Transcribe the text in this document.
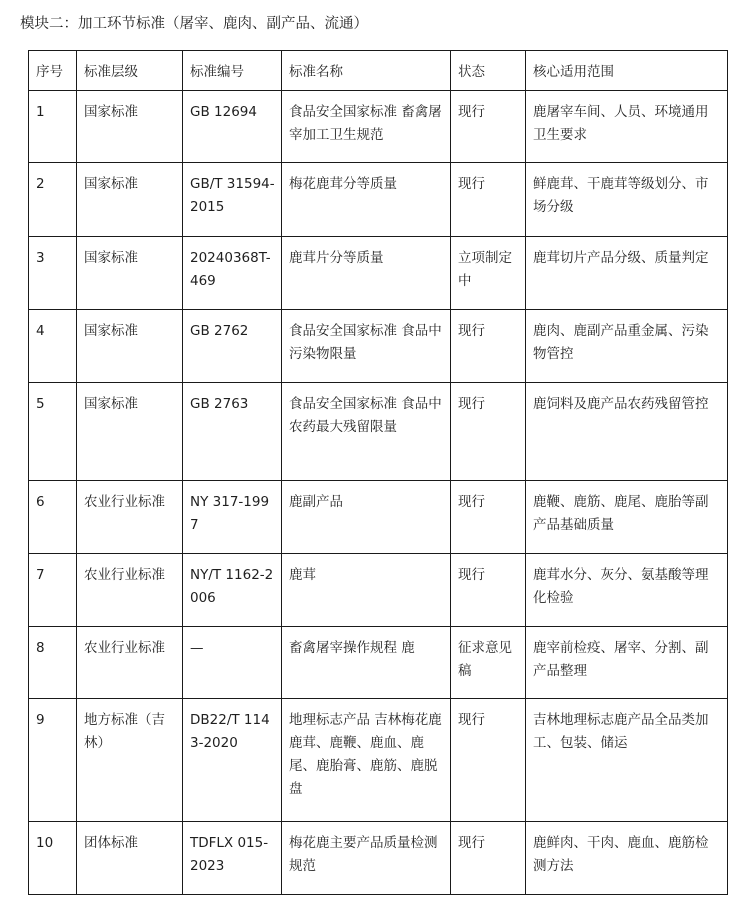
模块二：加工环节标准（屠宰、鹿肉、副产品、流通）
序号	标准层级	标准编号	标准名称	状态	核心适用范围
1	国家标准	GB 12694	食品安全国家标准 畜禽屠宰加工卫生规范	现行	鹿屠宰车间、人员、环境通用卫生要求
2	国家标准	GB/T 31594-2015	梅花鹿茸分等质量	现行	鲜鹿茸、干鹿茸等级划分、市场分级
3	国家标准	20240368T-469	鹿茸片分等质量	立项制定中	鹿茸切片产品分级、质量判定
4	国家标准	GB 2762	食品安全国家标准 食品中污染物限量	现行	鹿肉、鹿副产品重金属、污染物管控
5	国家标准	GB 2763	食品安全国家标准 食品中农药最大残留限量	现行	鹿饲料及鹿产品农药残留管控
6	农业行业标准	NY 317-1997	鹿副产品	现行	鹿鞭、鹿筋、鹿尾、鹿胎等副产品基础质量
7	农业行业标准	NY/T 1162-2006	鹿茸	现行	鹿茸水分、灰分、氨基酸等理化检验
8	农业行业标准	—	畜禽屠宰操作规程 鹿	征求意见稿	鹿宰前检疫、屠宰、分割、副产品整理
9	地方标准（吉林）	DB22/T 1143-2020	地理标志产品 吉林梅花鹿鹿茸、鹿鞭、鹿血、鹿尾、鹿胎膏、鹿筋、鹿脱盘	现行	吉林地理标志鹿产品全品类加工、包装、储运
10	团体标准	TDFLX 015-2023	梅花鹿主要产品质量检测规范	现行	鹿鲜肉、干肉、鹿血、鹿筋检测方法
